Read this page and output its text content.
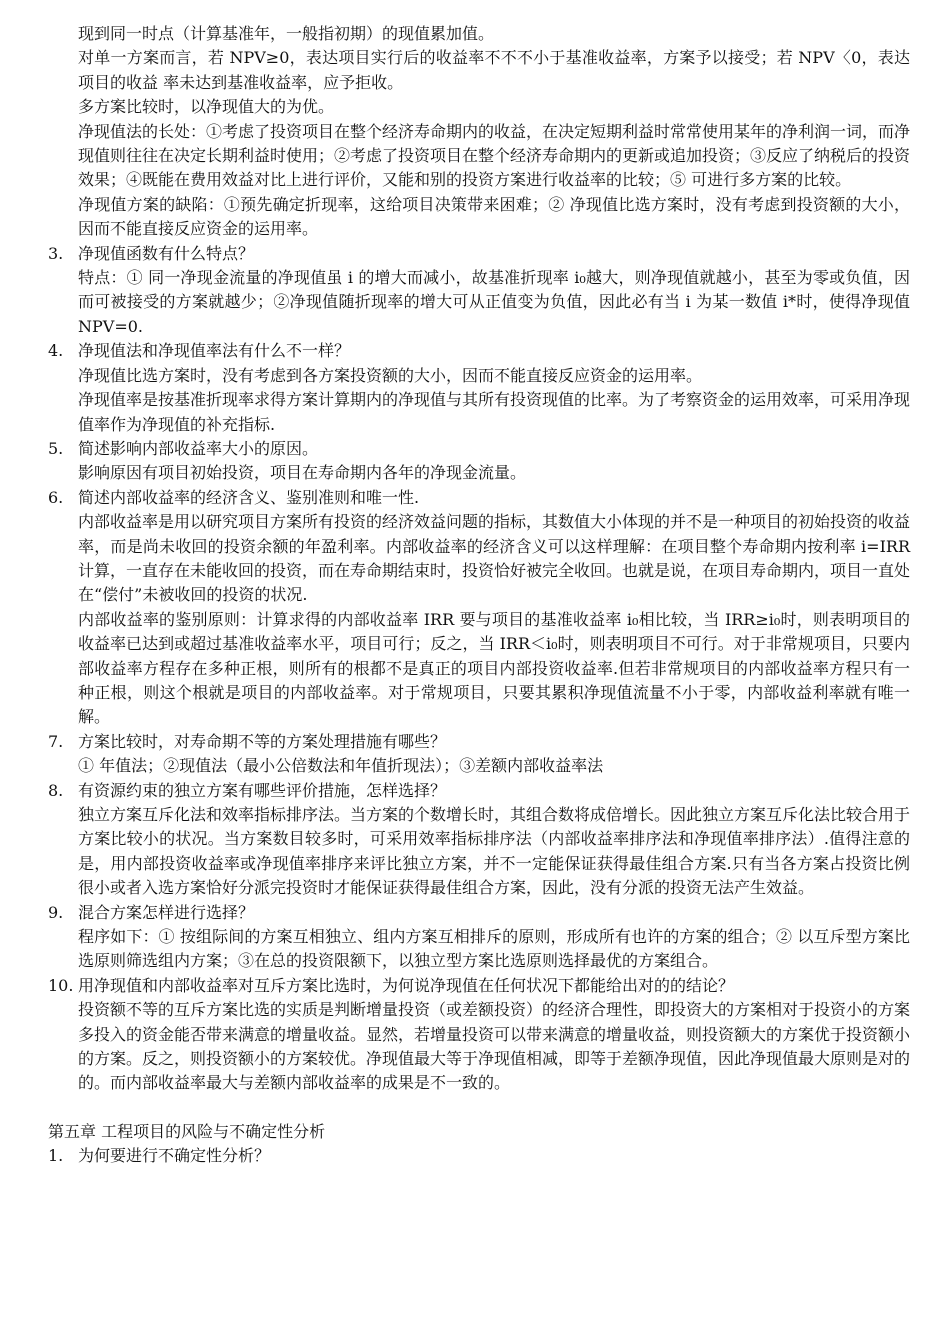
现到同一时点（计算基准年，一般指初期）的现值累加值。

对单一方案而言，若 NPV≥0，表达项目实行后的收益率不不不小于基准收益率，方案予以接受；若 NPV〈0，表达项目的收益 率未达到基准收益率，应予拒收。

多方案比较时，以净现值大的为优。

净现值法的长处：①考虑了投资项目在整个经济寿命期内的收益，在决定短期利益时常常使用某年的净利润一词，而净现值则往往在决定长期利益时使用；②考虑了投资项目在整个经济寿命期内的更新或追加投资；③反应了纳税后的投资效果；④既能在费用效益对比上进行评价，又能和别的投资方案进行收益率的比较；⑤ 可进行多方案的比较。

净现值方案的缺陷：①预先确定折现率，这给项目决策带来困难；② 净现值比选方案时，没有考虑到投资额的大小，因而不能直接反应资金的运用率。

3. 净现值函数有什么特点？

特点：① 同一净现金流量的净现值虽 i 的增大而减小，故基准折现率 i₀越大，则净现值就越小，甚至为零或负值，因而可被接受的方案就越少；②净现值随折现率的增大可从正值变为负值，因此必有当 i 为某一数值 i*时，使得净现值 NPV=0.

4. 净现值法和净现值率法有什么不一样？

净现值比选方案时，没有考虑到各方案投资额的大小，因而不能直接反应资金的运用率。

净现值率是按基准折现率求得方案计算期内的净现值与其所有投资现值的比率。为了考察资金的运用效率，可采用净现值率作为净现值的补充指标.

5. 简述影响内部收益率大小的原因。

影响原因有项目初始投资，项目在寿命期内各年的净现金流量。

6. 简述内部收益率的经济含义、鉴别准则和唯一性.

内部收益率是用以研究项目方案所有投资的经济效益问题的指标，其数值大小体现的并不是一种项目的初始投资的收益率，而是尚未收回的投资余额的年盈利率。内部收益率的经济含义可以这样理解：在项目整个寿命期内按利率 i=IRR 计算，一直存在未能收回的投资，而在寿命期结束时，投资恰好被完全收回。也就是说，在项目寿命期内，项目一直处在“偿付”未被收回的投资的状况.

内部收益率的鉴别原则：计算求得的内部收益率 IRR 要与项目的基准收益率 i₀相比较，当 IRR≥i₀时，则表明项目的收益率已达到或超过基准收益率水平，项目可行；反之，当 IRR＜i₀时，则表明项目不可行。对于非常规项目，只要内部收益率方程存在多种正根，则所有的根都不是真正的项目内部投资收益率.但若非常规项目的内部收益率方程只有一种正根，则这个根就是项目的内部收益率。对于常规项目，只要其累积净现值流量不小于零，内部收益利率就有唯一解。

7. 方案比较时，对寿命期不等的方案处理措施有哪些？

① 年值法；②现值法（最小公倍数法和年值折现法）；③差额内部收益率法

8. 有资源约束的独立方案有哪些评价措施，怎样选择？

独立方案互斥化法和效率指标排序法。当方案的个数增长时，其组合数将成倍增长。因此独立方案互斥化法比较合用于方案比较小的状况。当方案数目较多时，可采用效率指标排序法（内部收益率排序法和净现值率排序法）.值得注意的是，用内部投资收益率或净现值率排序来评比独立方案，并不一定能保证获得最佳组合方案.只有当各方案占投资比例很小或者入选方案恰好分派完投资时才能保证获得最佳组合方案，因此，没有分派的投资无法产生效益。

9. 混合方案怎样进行选择？

程序如下：① 按组际间的方案互相独立、组内方案互相排斥的原则，形成所有也许的方案的组合；② 以互斥型方案比选原则筛选组内方案；③在总的投资限额下，以独立型方案比选原则选择最优的方案组合。

10. 用净现值和内部收益率对互斥方案比选时，为何说净现值在任何状况下都能给出对的的结论？

投资额不等的互斥方案比选的实质是判断增量投资（或差额投资）的经济合理性，即投资大的方案相对于投资小的方案多投入的资金能否带来满意的增量收益。显然，若增量投资可以带来满意的增量收益，则投资额大的方案优于投资额小的方案。反之，则投资额小的方案较优。净现值最大等于净现值相减，即等于差额净现值，因此净现值最大原则是对的的。而内部收益率最大与差额内部收益率的成果是不一致的。

第五章 工程项目的风险与不确定性分析
1. 为何要进行不确定性分析？
